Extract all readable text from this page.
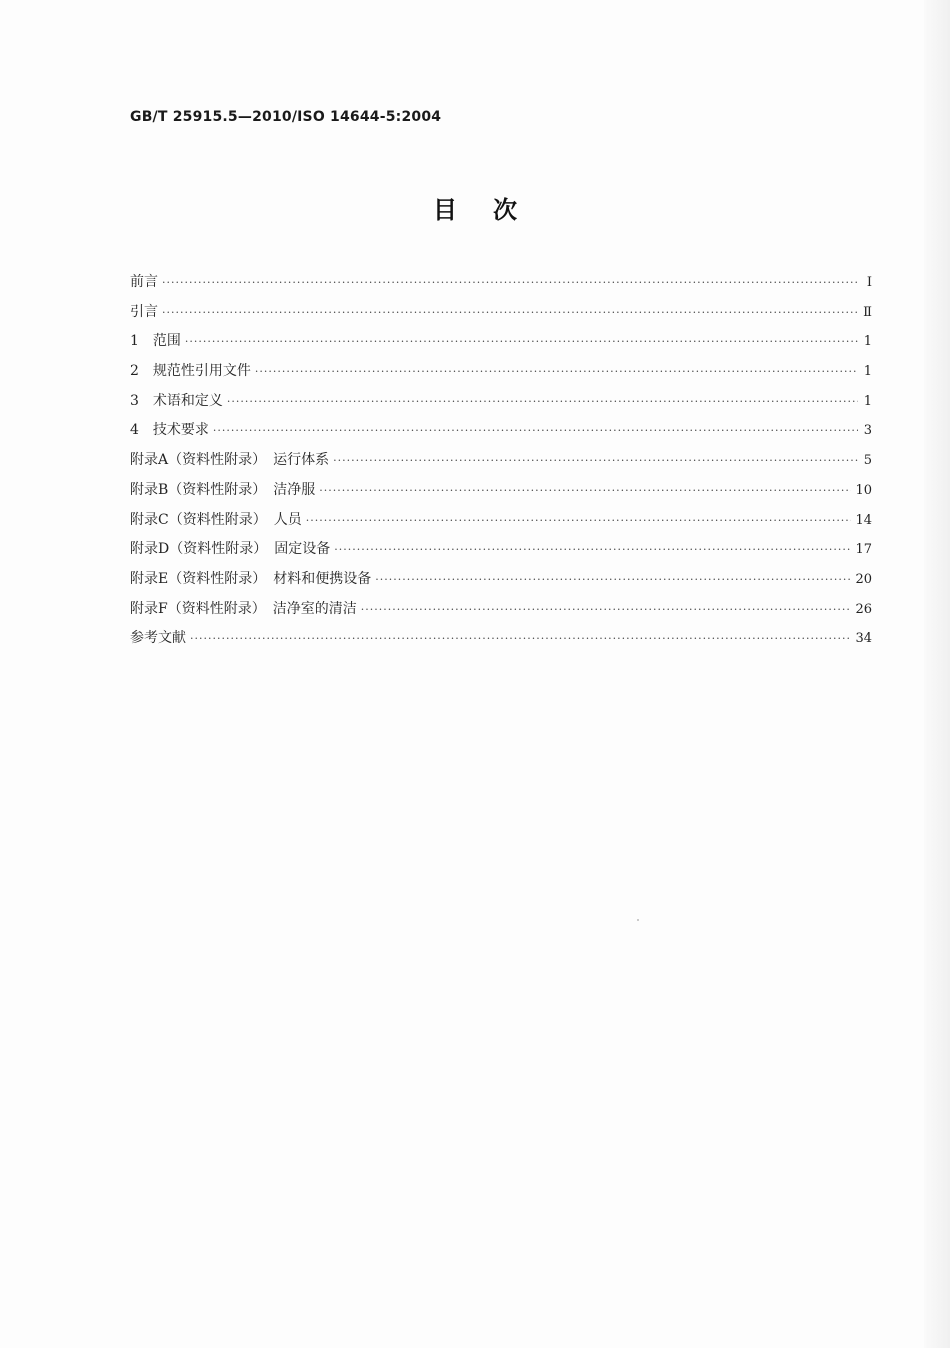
GB/T 25915.5—2010/ISO 14644-5:2004
目次
前言 ·····	Ⅰ
引言 ·····	Ⅱ
1　范围 ·····	1
2　规范性引用文件 ·····	1
3　术语和定义 ·····	1
4　技术要求 ·····	3
附录A（资料性附录）　运行体系 ·····	5
附录B（资料性附录）　洁净服 ·····	10
附录C（资料性附录）　人员 ·····	14
附录D（资料性附录）　固定设备 ·····	17
附录E（资料性附录）　材料和便携设备 ·····	20
附录F（资料性附录）　洁净室的清洁 ·····	26
参考文献 ·····	34
